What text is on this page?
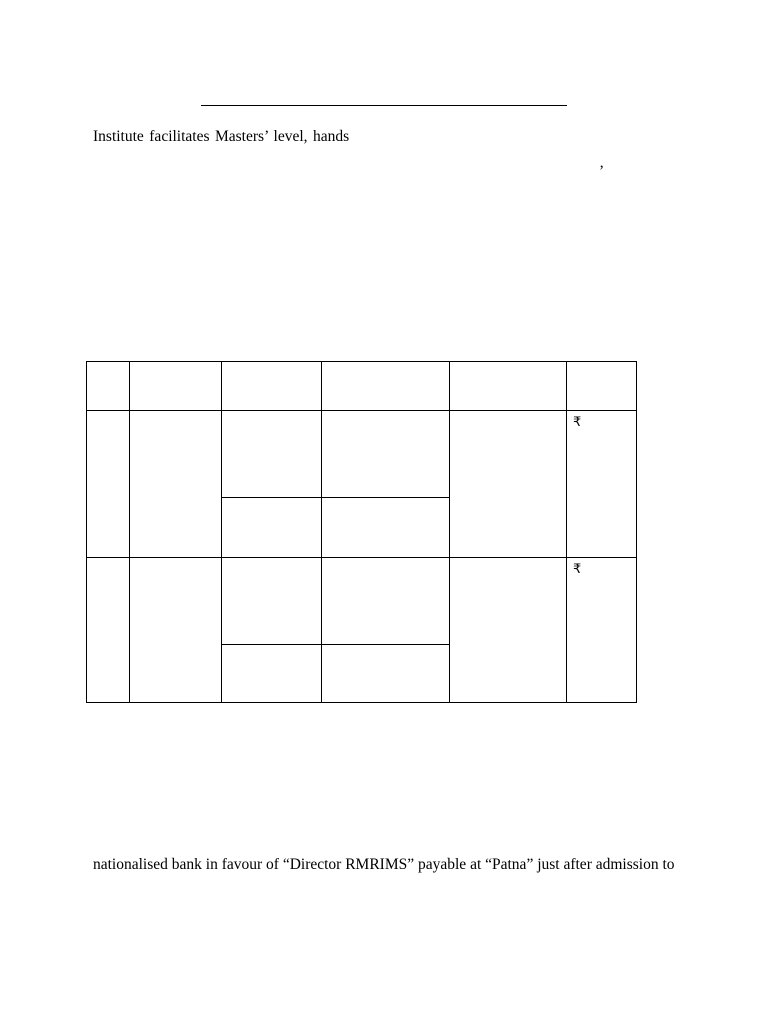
Institute facilitates Masters’ level, hands
’
₹
₹
nationalised bank in favour of “Director RMRIMS” payable at “Patna” just after admission to
